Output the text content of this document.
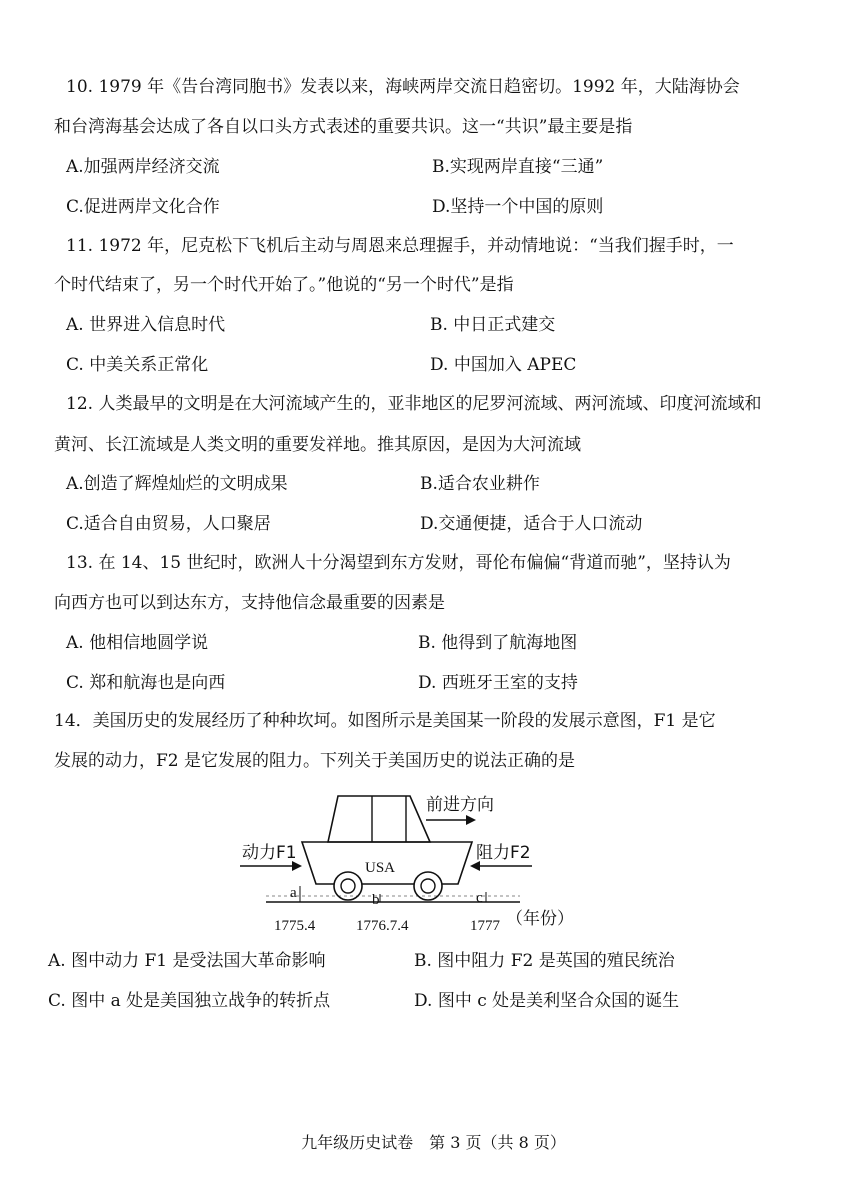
10. 1979 年《告台湾同胞书》发表以来，海峡两岸交流日趋密切。1992 年，大陆海协会
和台湾海基会达成了各自以口头方式表述的重要共识。这一“共识”最主要是指
A.加强两岸经济交流	B.实现两岸直接“三通”
C.促进两岸文化合作	D.坚持一个中国的原则
11. 1972 年，尼克松下飞机后主动与周恩来总理握手，并动情地说：“当我们握手时，一
个时代结束了，另一个时代开始了。”他说的“另一个时代”是指
A. 世界进入信息时代	B. 中日正式建交
C. 中美关系正常化	D. 中国加入 APEC
12. 人类最早的文明是在大河流域产生的，亚非地区的尼罗河流域、两河流域、印度河流域和
黄河、长江流域是人类文明的重要发祥地。推其原因，是因为大河流域
A.创造了辉煌灿烂的文明成果	B.适合农业耕作
C.适合自由贸易，人口聚居	D.交通便捷，适合于人口流动
13. 在 14、15 世纪时，欧洲人十分渴望到东方发财，哥伦布偏偏“背道而驰”，坚持认为
向西方也可以到达东方，支持他信念最重要的因素是
A. 他相信地圆学说	B. 他得到了航海地图
C. 郑和航海也是向西	D. 西班牙王室的支持
14．美国历史的发展经历了种种坎坷。如图所示是美国某一阶段的发展示意图，F1 是它
发展的动力，F2 是它发展的阻力。下列关于美国历史的说法正确的是
USA
前进方向
动力F1	阻力F2
a	b	c
1775.4	1776.7.4	1777 （年份）
A. 图中动力 F1 是受法国大革命影响	B. 图中阻力 F2 是英国的殖民统治
C. 图中 a 处是美国独立战争的转折点	D. 图中 c 处是美利坚合众国的诞生
九年级历史试卷　第 3 页（共 8 页）
